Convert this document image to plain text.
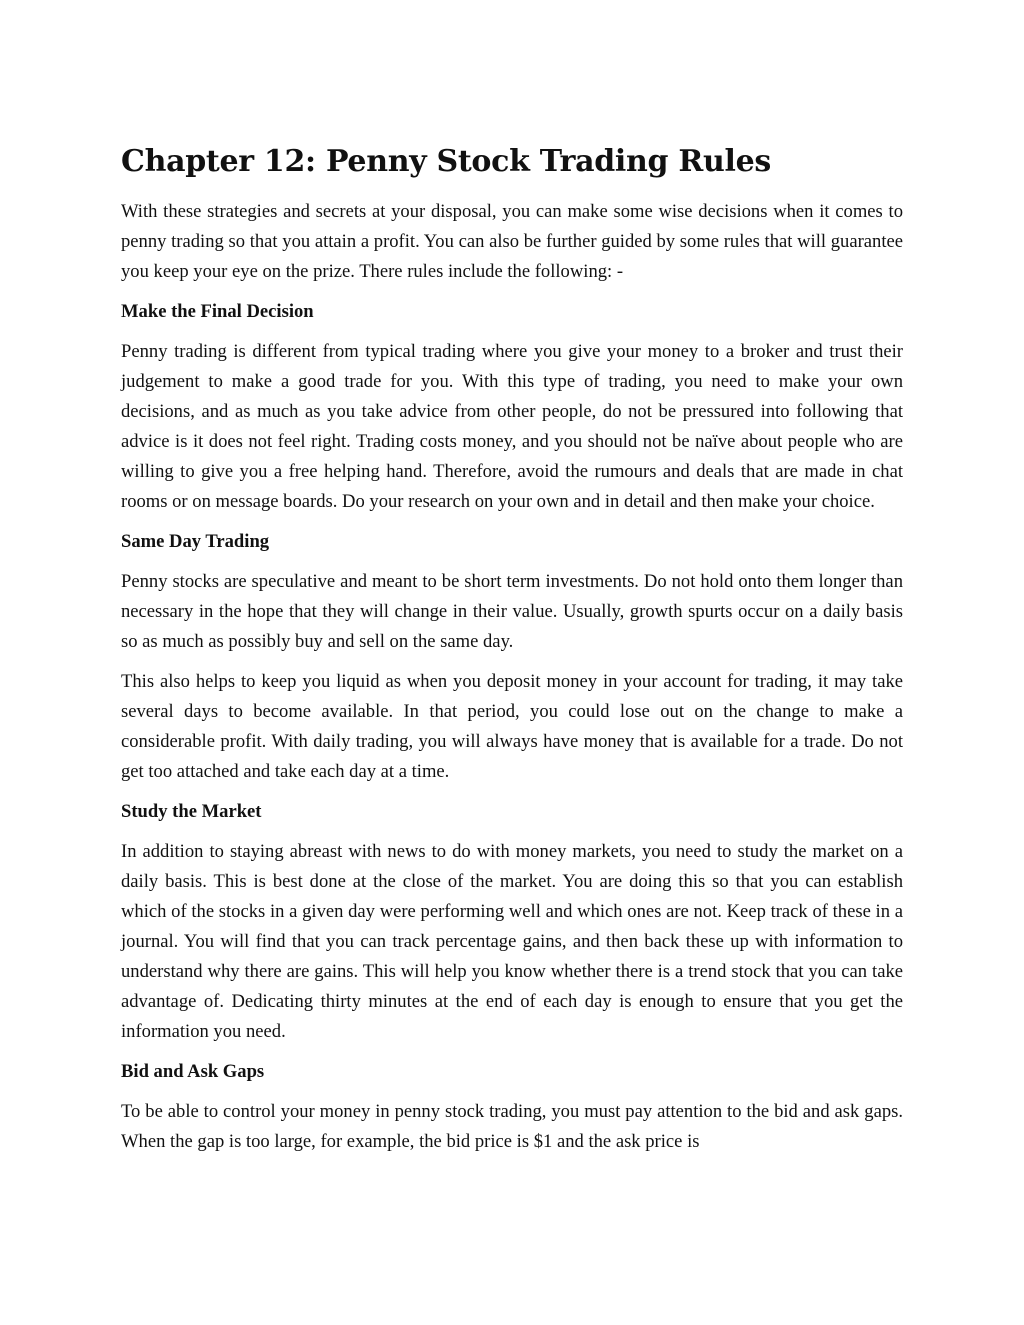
Chapter 12: Penny Stock Trading Rules

With these strategies and secrets at your disposal, you can make some wise decisions when it comes to penny trading so that you attain a profit. You can also be further guided by some rules that will guarantee you keep your eye on the prize. There rules include the following: -

Make the Final Decision

Penny trading is different from typical trading where you give your money to a broker and trust their judgement to make a good trade for you. With this type of trading, you need to make your own decisions, and as much as you take advice from other people, do not be pressured into following that advice is it does not feel right. Trading costs money, and you should not be naïve about people who are willing to give you a free helping hand. Therefore, avoid the rumours and deals that are made in chat rooms or on message boards. Do your research on your own and in detail and then make your choice.

Same Day Trading

Penny stocks are speculative and meant to be short term investments. Do not hold onto them longer than necessary in the hope that they will change in their value. Usually, growth spurts occur on a daily basis so as much as possibly buy and sell on the same day.

This also helps to keep you liquid as when you deposit money in your account for trading, it may take several days to become available. In that period, you could lose out on the change to make a considerable profit. With daily trading, you will always have money that is available for a trade. Do not get too attached and take each day at a time.

Study the Market

In addition to staying abreast with news to do with money markets, you need to study the market on a daily basis. This is best done at the close of the market. You are doing this so that you can establish which of the stocks in a given day were performing well and which ones are not. Keep track of these in a journal. You will find that you can track percentage gains, and then back these up with information to understand why there are gains. This will help you know whether there is a trend stock that you can take advantage of. Dedicating thirty minutes at the end of each day is enough to ensure that you get the information you need.

Bid and Ask Gaps

To be able to control your money in penny stock trading, you must pay attention to the bid and ask gaps. When the gap is too large, for example, the bid price is $1 and the ask price is
